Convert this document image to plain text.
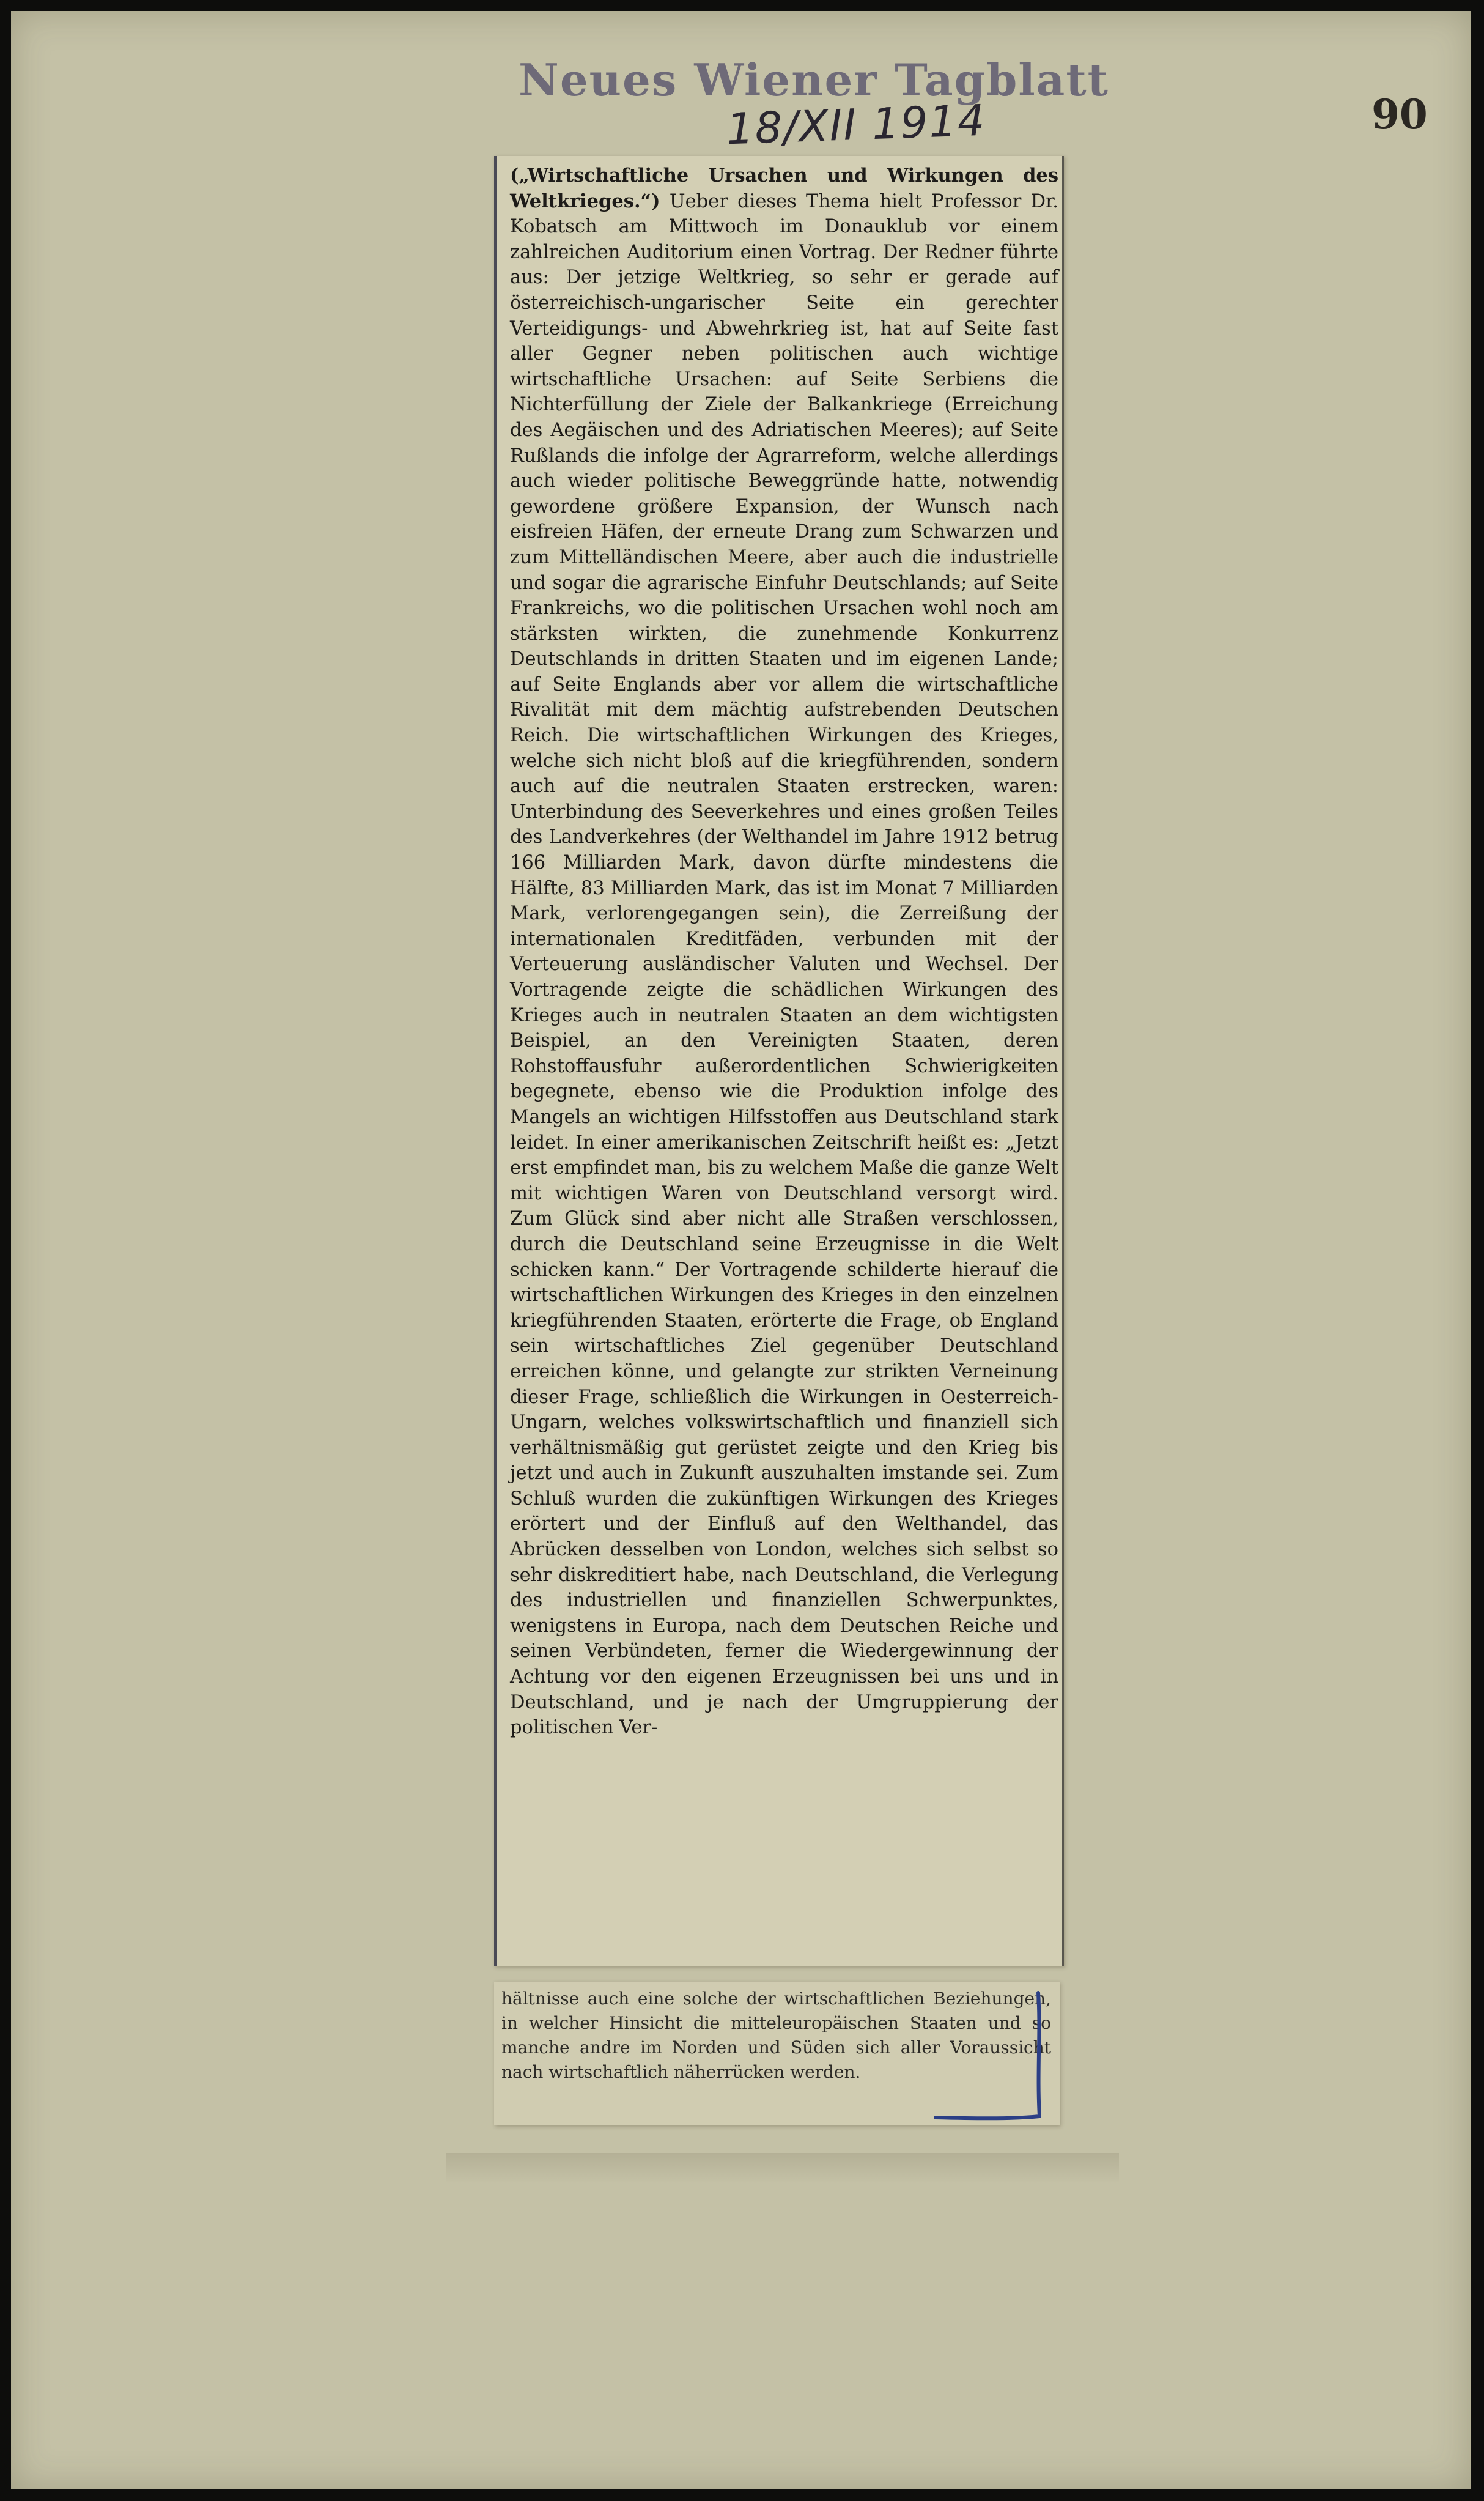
Neues Wiener Tagblatt
18/XII 1914	90
(„Wirtschaftliche Ursachen und Wirkungen des Weltkrieges.“) Ueber dieses Thema hielt Professor Dr. Kobatsch am Mittwoch im Donauklub vor einem zahlreichen Auditorium einen Vortrag. Der Redner führte aus: Der jetzige Weltkrieg, so sehr er gerade auf österreichisch-ungarischer Seite ein gerechter Verteidigungs- und Abwehrkrieg ist, hat auf Seite fast aller Gegner neben politischen auch wichtige wirtschaftliche Ursachen: auf Seite Serbiens die Nichterfüllung der Ziele der Balkankriege (Erreichung des Aegäischen und des Adriatischen Meeres); auf Seite Rußlands die infolge der Agrarreform, welche allerdings auch wieder politische Beweggründe hatte, notwendig gewordene größere Expansion, der Wunsch nach eisfreien Häfen, der erneute Drang zum Schwarzen und zum Mittelländischen Meere, aber auch die industrielle und sogar die agrarische Einfuhr Deutschlands; auf Seite Frankreichs, wo die politischen Ursachen wohl noch am stärksten wirkten, die zunehmende Konkurrenz Deutschlands in dritten Staaten und im eigenen Lande; auf Seite Englands aber vor allem die wirtschaftliche Rivalität mit dem mächtig aufstrebenden Deutschen Reich. Die wirtschaftlichen Wirkungen des Krieges, welche sich nicht bloß auf die kriegführenden, sondern auch auf die neutralen Staaten erstrecken, waren: Unterbindung des Seeverkehres und eines großen Teiles des Landverkehres (der Welthandel im Jahre 1912 betrug 166 Milliarden Mark, davon dürfte mindestens die Hälfte, 83 Milliarden Mark, das ist im Monat 7 Milliarden Mark, verlorengegangen sein), die Zerreißung der internationalen Kreditfäden, verbunden mit der Verteuerung ausländischer Valuten und Wechsel. Der Vortragende zeigte die schädlichen Wirkungen des Krieges auch in neutralen Staaten an dem wichtigsten Beispiel, an den Vereinigten Staaten, deren Rohstoffausfuhr außerordentlichen Schwierigkeiten begegnete, ebenso wie die Produktion infolge des Mangels an wichtigen Hilfsstoffen aus Deutschland stark leidet. In einer amerikanischen Zeitschrift heißt es: „Jetzt erst empfindet man, bis zu welchem Maße die ganze Welt mit wichtigen Waren von Deutschland versorgt wird. Zum Glück sind aber nicht alle Straßen verschlossen, durch die Deutschland seine Erzeugnisse in die Welt schicken kann.“ Der Vortragende schilderte hierauf die wirtschaftlichen Wirkungen des Krieges in den einzelnen kriegführenden Staaten, erörterte die Frage, ob England sein wirtschaftliches Ziel gegenüber Deutschland erreichen könne, und gelangte zur strikten Verneinung dieser Frage, schließlich die Wirkungen in Oesterreich-Ungarn, welches volkswirtschaftlich und finanziell sich verhältnismäßig gut gerüstet zeigte und den Krieg bis jetzt und auch in Zukunft auszuhalten imstande sei. Zum Schluß wurden die zukünftigen Wirkungen des Krieges erörtert und der Einfluß auf den Welthandel, das Abrücken desselben von London, welches sich selbst so sehr diskreditiert habe, nach Deutschland, die Verlegung des industriellen und finanziellen Schwerpunktes, wenigstens in Europa, nach dem Deutschen Reiche und seinen Verbündeten, ferner die Wiedergewinnung der Achtung vor den eigenen Erzeugnissen bei uns und in Deutschland, und je nach der Umgruppierung der politischen Ver-
hältnisse auch eine solche der wirtschaftlichen Beziehungen, in welcher Hinsicht die mitteleuropäischen Staaten und so manche andre im Norden und Süden sich aller Voraussicht nach wirtschaftlich näherrücken werden.
